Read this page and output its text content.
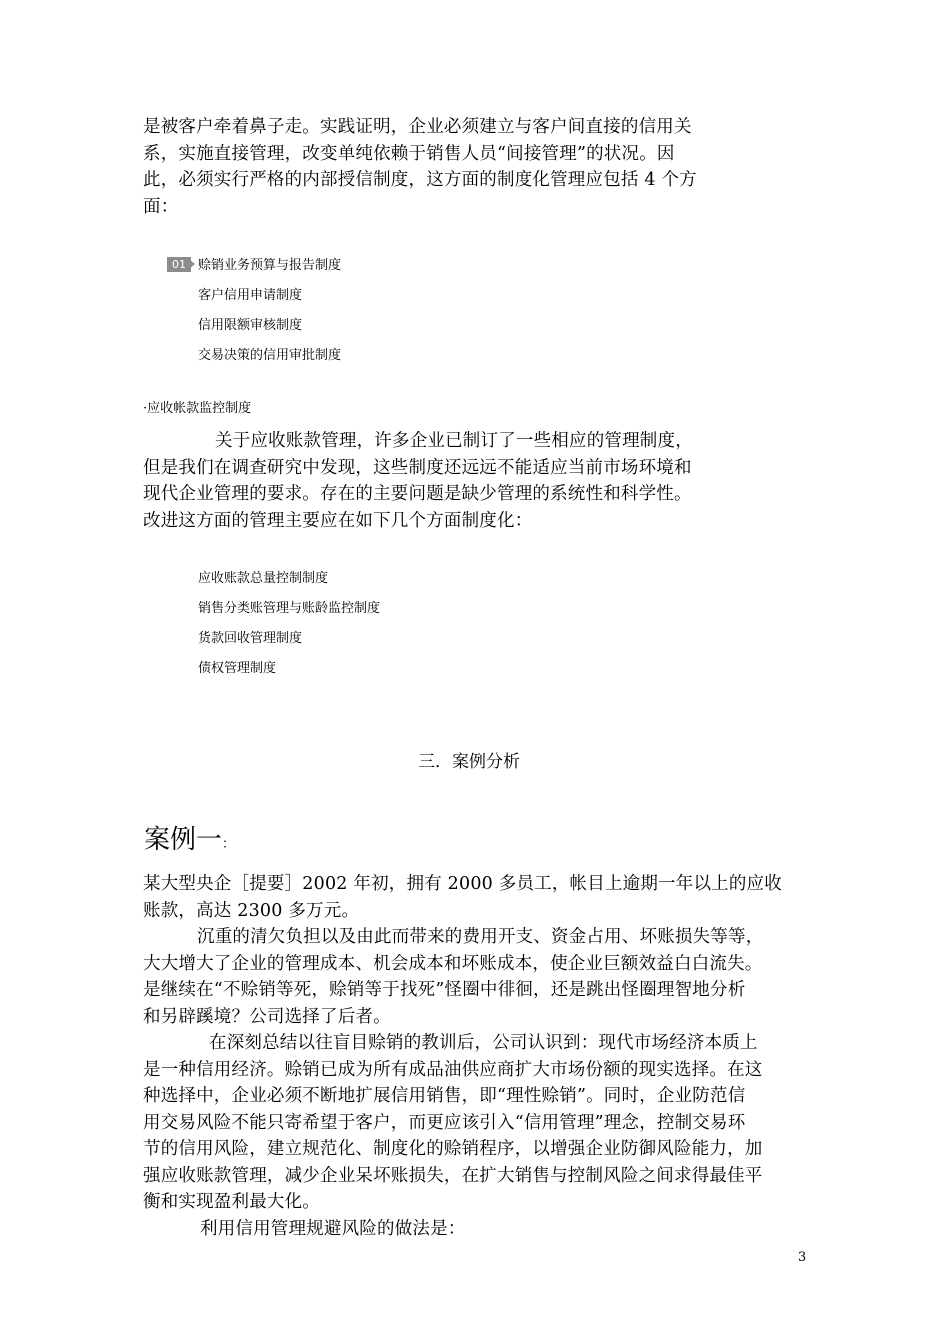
是被客户牵着鼻子走。实践证明，企业必须建立与客户间直接的信用关
系，实施直接管理，改变单纯依赖于销售人员“间接管理”的状况。因
此，必须实行严格的内部授信制度，这方面的制度化管理应包括 4 个方
面：
01 赊销业务预算与报告制度
客户信用申请制度
信用限额审核制度
交易决策的信用审批制度
·应收帐款监控制度
关于应收账款管理，许多企业已制订了一些相应的管理制度，
但是我们在调查研究中发现，这些制度还远远不能适应当前市场环境和
现代企业管理的要求。存在的主要问题是缺少管理的系统性和科学性。
改进这方面的管理主要应在如下几个方面制度化：
应收账款总量控制制度
销售分类账管理与账龄监控制度
货款回收管理制度
债权管理制度
三．案例分析
案例一：
某大型央企［提要］2002 年初，拥有 2000 多员工，帐目上逾期一年以上的应收
账款，高达 2300 多万元。
沉重的清欠负担以及由此而带来的费用开支、资金占用、坏账损失等等，
大大增大了企业的管理成本、机会成本和坏账成本，使企业巨额效益白白流失。
是继续在“不赊销等死，赊销等于找死”怪圈中徘徊，还是跳出怪圈理智地分析
和另辟蹊境？公司选择了后者。
在深刻总结以往盲目赊销的教训后，公司认识到：现代市场经济本质上
是一种信用经济。赊销已成为所有成品油供应商扩大市场份额的现实选择。在这
种选择中，企业必须不断地扩展信用销售，即“理性赊销”。同时，企业防范信
用交易风险不能只寄希望于客户，而更应该引入“信用管理”理念，控制交易环
节的信用风险，建立规范化、制度化的赊销程序，以增强企业防御风险能力，加
强应收账款管理，减少企业呆坏账损失，在扩大销售与控制风险之间求得最佳平
衡和实现盈利最大化。
利用信用管理规避风险的做法是：
3
